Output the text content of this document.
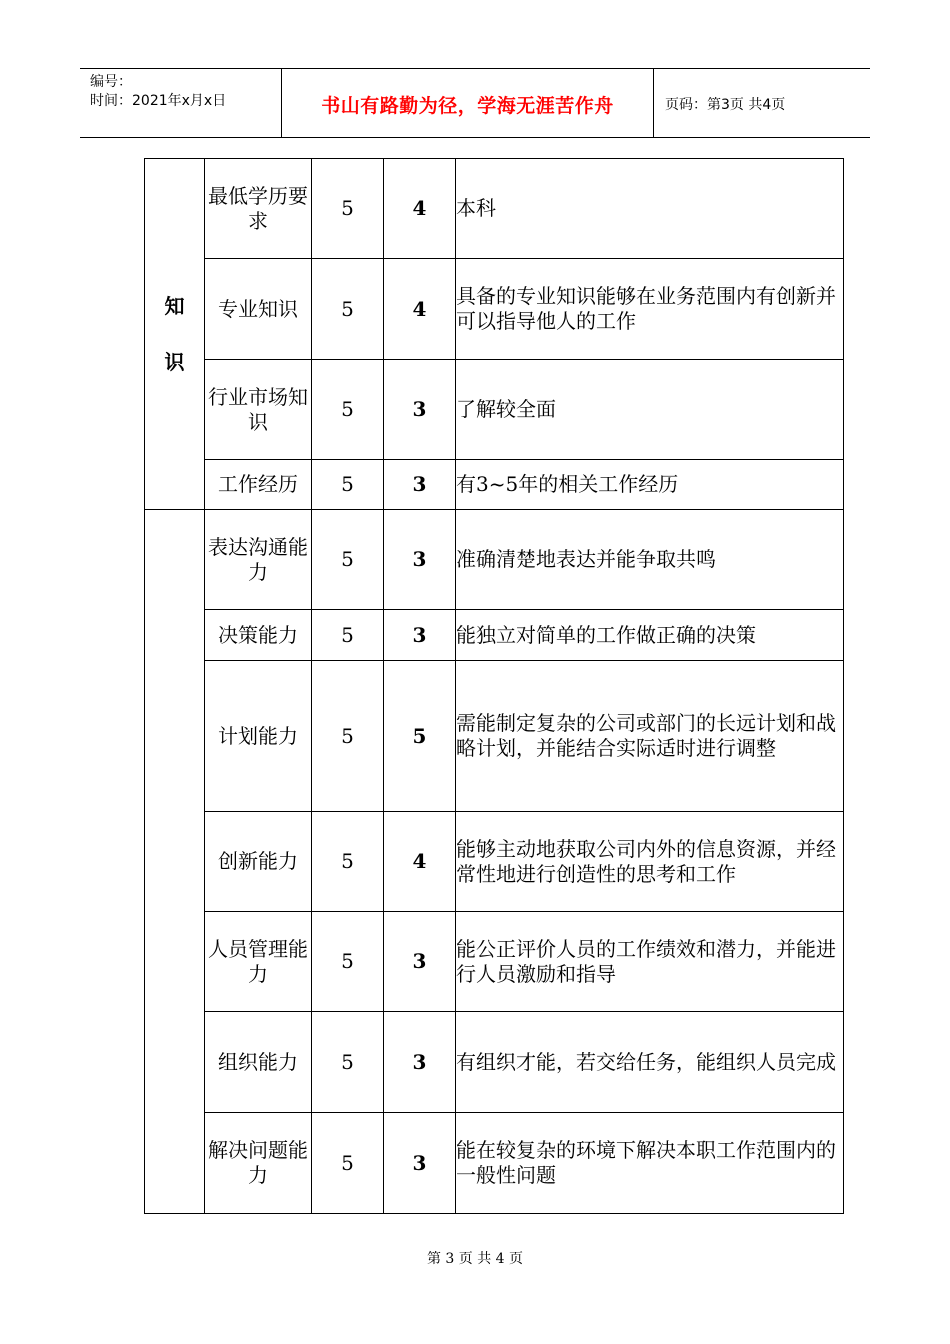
编号：
时间：2021年x月x日	书山有路勤为径，学海无涯苦作舟	页码：第3页 共4页
知
识	最低学历要求	5	4	本科
	专业知识	5	4	具备的专业知识能够在业务范围内有创新并可以指导他人的工作
	行业市场知识	5	3	了解较全面
	工作经历	5	3	有3~5年的相关工作经历
	表达沟通能力	5	3	准确清楚地表达并能争取共鸣
	决策能力	5	3	能独立对简单的工作做正确的决策
	计划能力	5	5	需能制定复杂的公司或部门的长远计划和战略计划，并能结合实际适时进行调整
	创新能力	5	4	能够主动地获取公司内外的信息资源，并经常性地进行创造性的思考和工作
	人员管理能力	5	3	能公正评价人员的工作绩效和潜力，并能进行人员激励和指导
	组织能力	5	3	有组织才能，若交给任务，能组织人员完成
	解决问题能力	5	3	能在较复杂的环境下解决本职工作范围内的一般性问题
第 3 页 共 4 页
